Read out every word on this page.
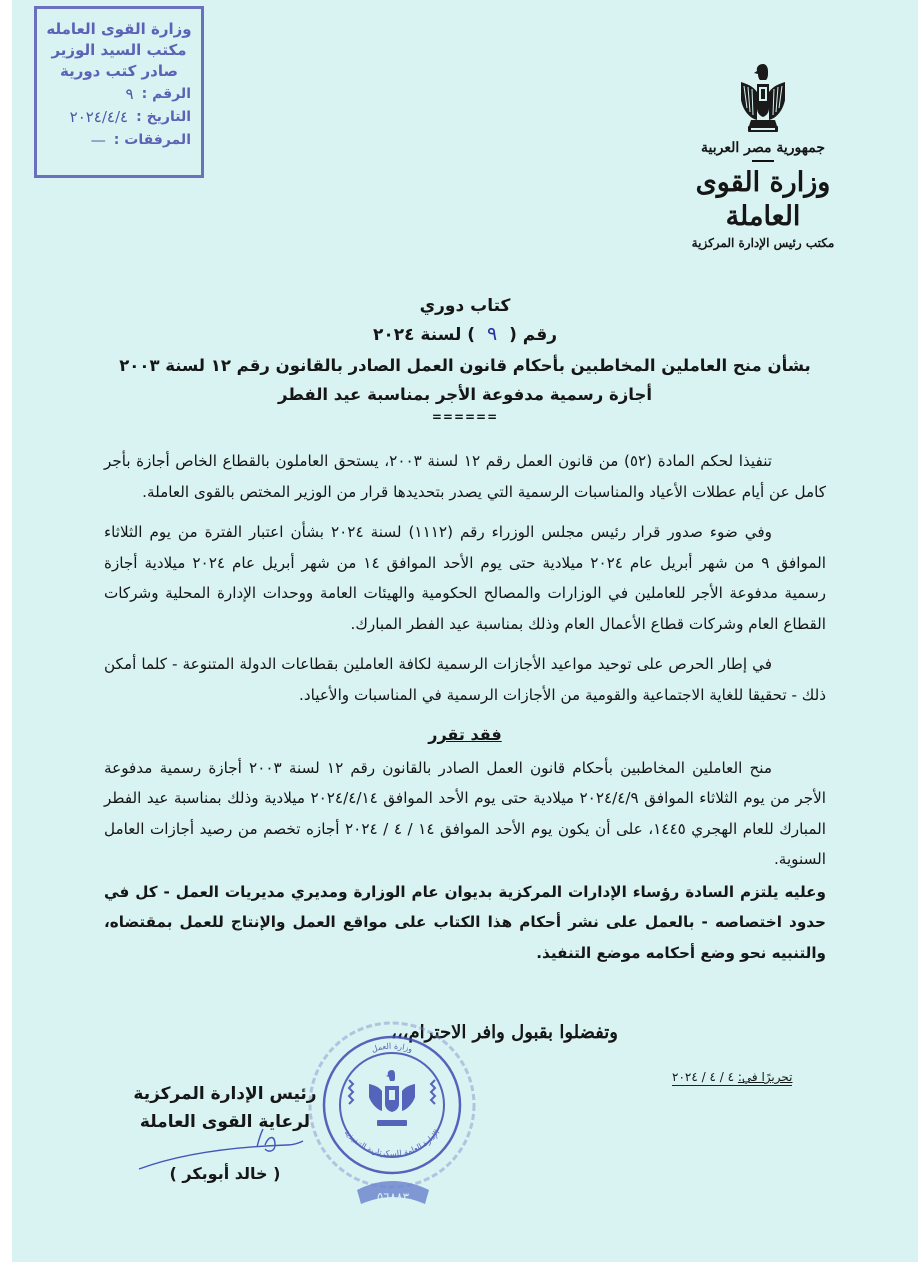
وزارة القوى العامله
مكتب السيد الوزير
صادر كتب دورية
الرقم :
٩
التاريخ :
٢٠٢٤/٤/٤
المرفقات :
—	جمهورية مصر العربية
وزارة القوى العاملة
مكتب رئيس الإدارة المركزية
كتاب دوري
رقم ( ٩ ) لسنة ٢٠٢٤
بشأن منح العاملين المخاطبين بأحكام قانون العمل الصادر بالقانون رقم ١٢ لسنة ٢٠٠٣
أجازة رسمية مدفوعة الأجر بمناسبة عيد الفطر
======

تنفيذا لحكم المادة (٥٢) من قانون العمل رقم ١٢ لسنة ٢٠٠٣، يستحق العاملون بالقطاع الخاص أجازة بأجر كامل عن أيام عطلات الأعياد والمناسبات الرسمية التي يصدر بتحديدها قرار من الوزير المختص بالقوى العاملة.

وفي ضوء صدور قرار رئيس مجلس الوزراء رقم (١١١٢) لسنة ٢٠٢٤ بشأن اعتبار الفترة من يوم الثلاثاء الموافق ٩ من شهر أبريل عام ٢٠٢٤ ميلادية حتى يوم الأحد الموافق ١٤ من شهر أبريل عام ٢٠٢٤ ميلادية أجازة رسمية مدفوعة الأجر للعاملين في الوزارات والمصالح الحكومية والهيئات العامة ووحدات الإدارة المحلية وشركات القطاع العام وشركات قطاع الأعمال العام وذلك بمناسبة عيد الفطر المبارك.

في إطار الحرص على توحيد مواعيد الأجازات الرسمية لكافة العاملين بقطاعات الدولة المتنوعة - كلما أمكن ذلك - تحقيقا للغاية الاجتماعية والقومية من الأجازات الرسمية في المناسبات والأعياد.

فقد تقرر

منح العاملين المخاطبين بأحكام قانون العمل الصادر بالقانون رقم ١٢ لسنة ٢٠٠٣ أجازة رسمية مدفوعة الأجر من يوم الثلاثاء الموافق ٢٠٢٤/٤/٩ ميلادية حتى يوم الأحد الموافق ٢٠٢٤/٤/١٤ ميلادية وذلك بمناسبة عيد الفطر المبارك للعام الهجري ١٤٤٥، على أن يكون يوم الأحد الموافق ١٤ / ٤ / ٢٠٢٤ أجازه تخصم من رصيد أجازات العامل السنوية.

وعليه يلتزم السادة رؤساء الإدارات المركزية بديوان عام الوزارة ومديري مديريات العمل - كل في حدود اختصاصه - بالعمل على نشر أحكام هذا الكتاب على مواقع العمل والإنتاج للعمل بمقتضاه، والتنبيه نحو وضع أحكامه موضع التنفيذ.

وتفضلوا بقبول وافر الاحترام،،،
تحريرًا في: ٤ / ٤ / ٢٠٢٤
الإدارة العامة للسكرتارية التنفيذية
وزارة العمل
٥٦٨٨٣
رئيس الإدارة المركزية
لرعاية القوى العاملة
( خالد أبوبكر )
